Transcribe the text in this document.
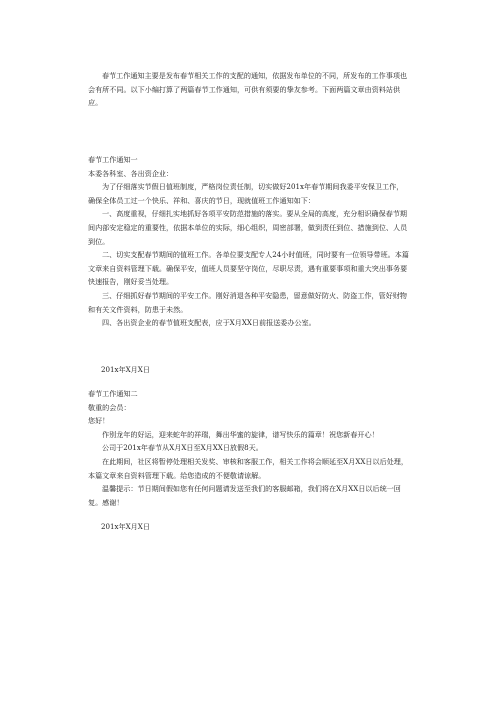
春节工作通知主要是发布春节相关工作的支配的通知，依据发布单位的不同，所发布的工作事项也会有所不同。以下小编打算了两篇春节工作通知，可供有须要的挚友参考。下面两篇文章由资料站供应。

春节工作通知一

本委各科室、各出资企业：

为了仔细落实节假日值班制度，严格岗位责任制，切实做好201x年春节期间我委平安保卫工作，确保全体员工过一个快乐、祥和、喜庆的节日，现就值班工作通知如下：

一、高度重视，仔细扎实地抓好各项平安防范措施的落实。要从全局的高度，充分相识确保春节期间内部安定稳定的重要性，依据本单位的实际，细心组织，周密部署，做到责任到位、措施到位、人员到位。

二、切实支配春节期间的值班工作。各单位要支配专人24小时值班，同时要有一位领导带班。本篇文章来自资料管理下载。确保平安，值班人员要坚守岗位，尽职尽责，遇有重要事项和重大突出事务要快速报告，刚好妥当处理。

三、仔细抓好春节期间的平安工作。刚好消退各种平安隐患，留意做好防火、防盗工作，管好财物和有关文件资料，防患于未然。

四、各出资企业的春节值班支配表，应于X月XX日前报送委办公室。

201x年X月X日

春节工作通知二

敬重的会员：

您好！

作别龙年的好运，迎来蛇年的祥瑞，舞出华蜜的旋律，谱写快乐的篇章！祝您新春开心！

公司于201x年春节从X月X日至X月XX日放假8天。

在此期间，社区将暂停处理相关发奖、审核和客服工作，相关工作将会顺延至X月XX日以后处理，本篇文章来自资料管理下载。给您造成的不便敬请谅解。

温馨提示：节日期间假如您有任何问题请发送至我们的客服邮箱，我们将在X月XX日以后统一回复。感谢！

201x年X月X日
